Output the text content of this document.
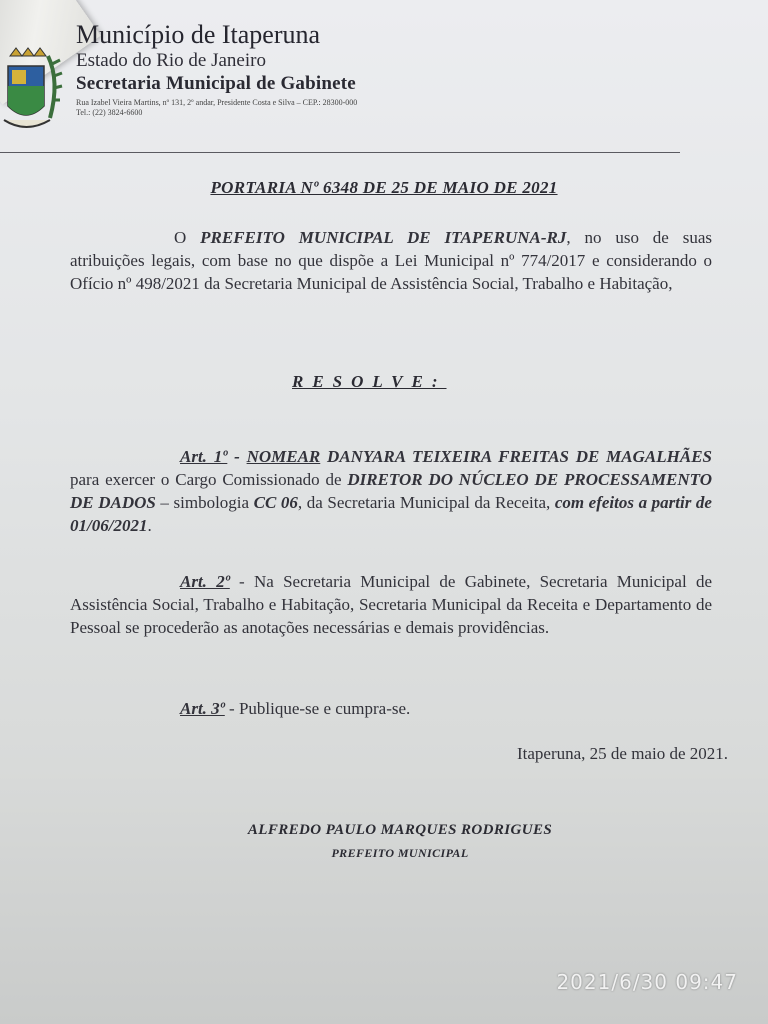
Município de Itaperuna

Estado do Rio de Janeiro

Secretaria Municipal de Gabinete

Rua Izabel Vieira Martins, nº 131, 2º andar, Presidente Costa e Silva – CEP.: 28300-000

Tel.: (22) 3824-6600

PORTARIA Nº 6348 DE 25 DE MAIO DE 2021

O PREFEITO MUNICIPAL DE ITAPERUNA-RJ, no uso de suas atribuições legais, com base no que dispõe a Lei Municipal nº 774/2017 e considerando o Ofício nº 498/2021 da Secretaria Municipal de Assistência Social, Trabalho e Habitação,

RESOLVE:

Art. 1º - NOMEAR DANYARA TEIXEIRA FREITAS DE MAGALHÃES para exercer o Cargo Comissionado de DIRETOR DO NÚCLEO DE PROCESSAMENTO DE DADOS – simbologia CC 06, da Secretaria Municipal da Receita, com efeitos a partir de 01/06/2021.

Art. 2º - Na Secretaria Municipal de Gabinete, Secretaria Municipal de Assistência Social, Trabalho e Habitação, Secretaria Municipal da Receita e Departamento de Pessoal se procederão as anotações necessárias e demais providências.

Art. 3º - Publique-se e cumpra-se.

Itaperuna, 25 de maio de 2021.
ALFREDO PAULO MARQUES RODRIGUES
PREFEITO MUNICIPAL
2021/6/30 09:47
